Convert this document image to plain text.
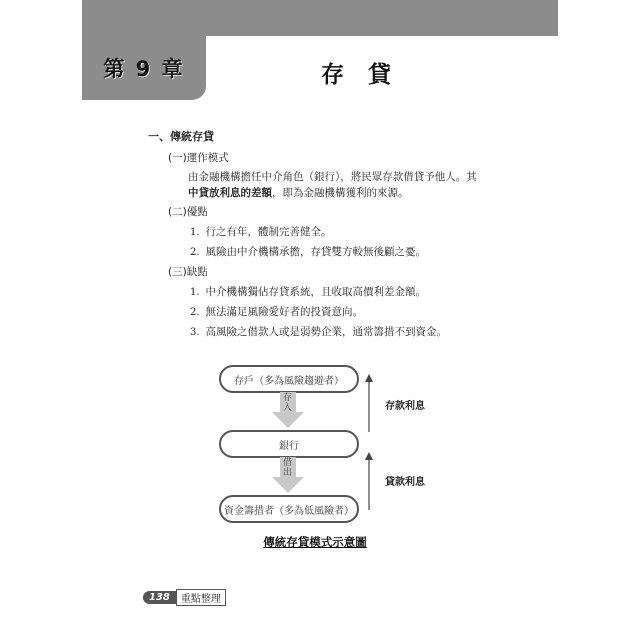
第 9 章	存 貸
一、傳統存貸
(一)運作模式
由金融機構擔任中介角色（銀行），將民眾存款借貸予他人。其
中貸放利息的差額，即為金融機構獲利的來源。
(二)優點
1. 行之有年，體制完善健全。
2. 風險由中介機構承擔，存貸雙方較無後顧之憂。
(三)缺點
1. 中介機構獨佔存貸系統，且收取高價利差金額。
2. 無法滿足風險愛好者的投資意向。
3. 高風險之借款人或是弱勢企業，通常籌措不到資金。
存戶（多為風險趨避者）
存入
銀行
借出
資金籌措者（多為低風險者）
存款利息
貸款利息
傳統存貸模式示意圖
138	重點整理
